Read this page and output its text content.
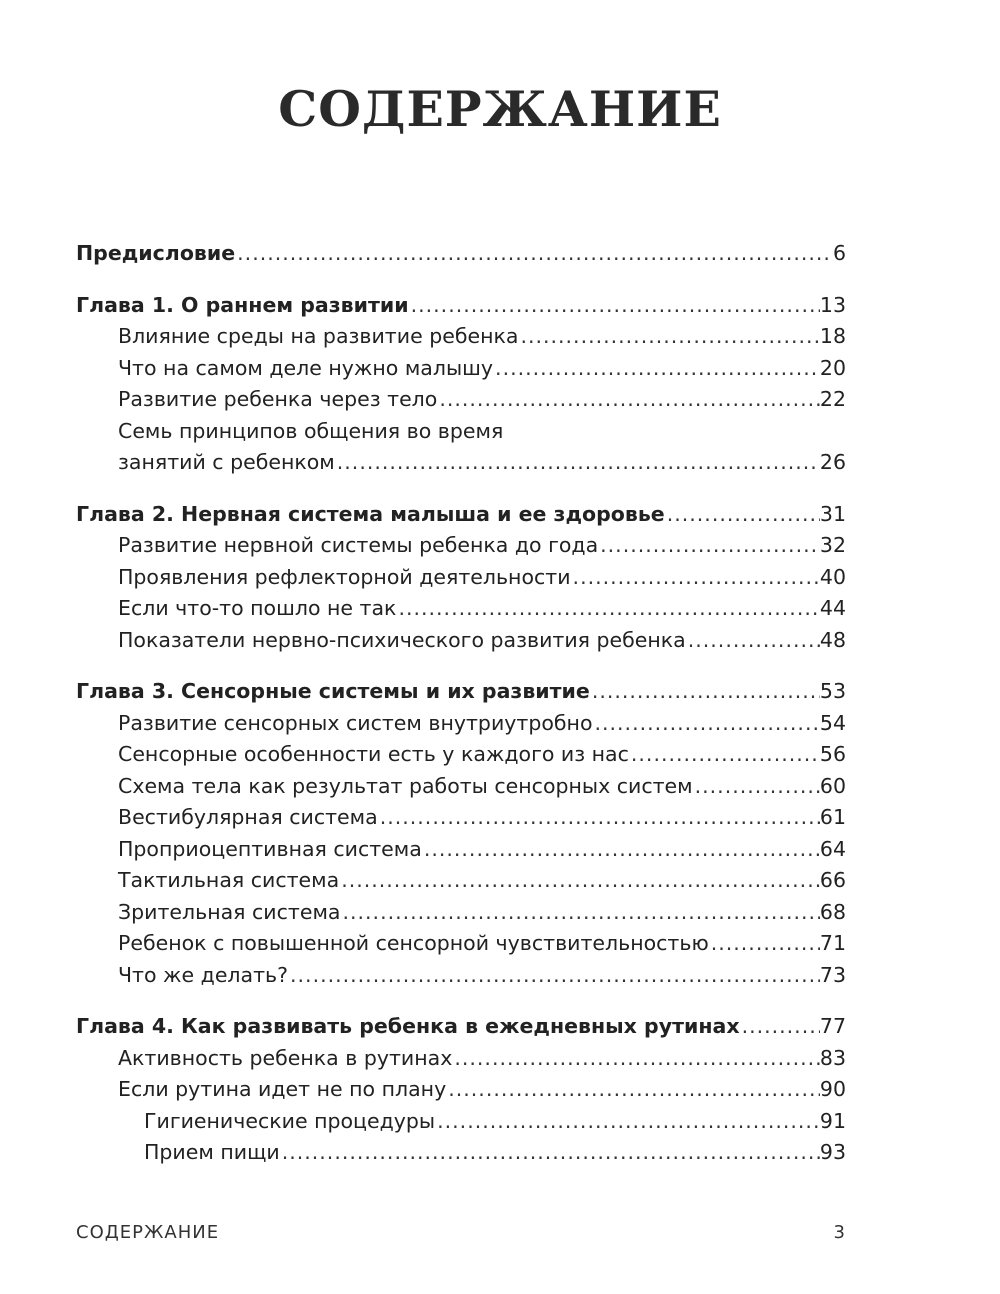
СОДЕРЖАНИЕ
Предисловие .....	6
Глава 1. О раннем развитии .....	13
Влияние среды на развитие ребенка .....	18
Что на самом деле нужно малышу .....	20
Развитие ребенка через тело .....	22
Семь принципов общения во время
занятий с ребенком .....	26
Глава 2. Нервная система малыша и ее здоровье .....	31
Развитие нервной системы ребенка до года .....	32
Проявления рефлекторной деятельности .....	40
Если что-то пошло не так .....	44
Показатели нервно-психического развития ребенка .....	48
Глава 3. Сенсорные системы и их развитие .....	53
Развитие сенсорных систем внутриутробно .....	54
Сенсорные особенности есть у каждого из нас .....	56
Схема тела как результат работы сенсорных систем .....	60
Вестибулярная система .....	61
Проприоцептивная система .....	64
Тактильная система .....	66
Зрительная система .....	68
Ребенок с повышенной сенсорной чувствительностью .....	71
Что же делать? .....	73
Глава 4. Как развивать ребенка в ежедневных рутинах .....	77
Активность ребенка в рутинах .....	83
Если рутина идет не по плану .....	90
Гигиенические процедуры .....	91
Прием пищи .....	93
СОДЕРЖАНИЕ	3
